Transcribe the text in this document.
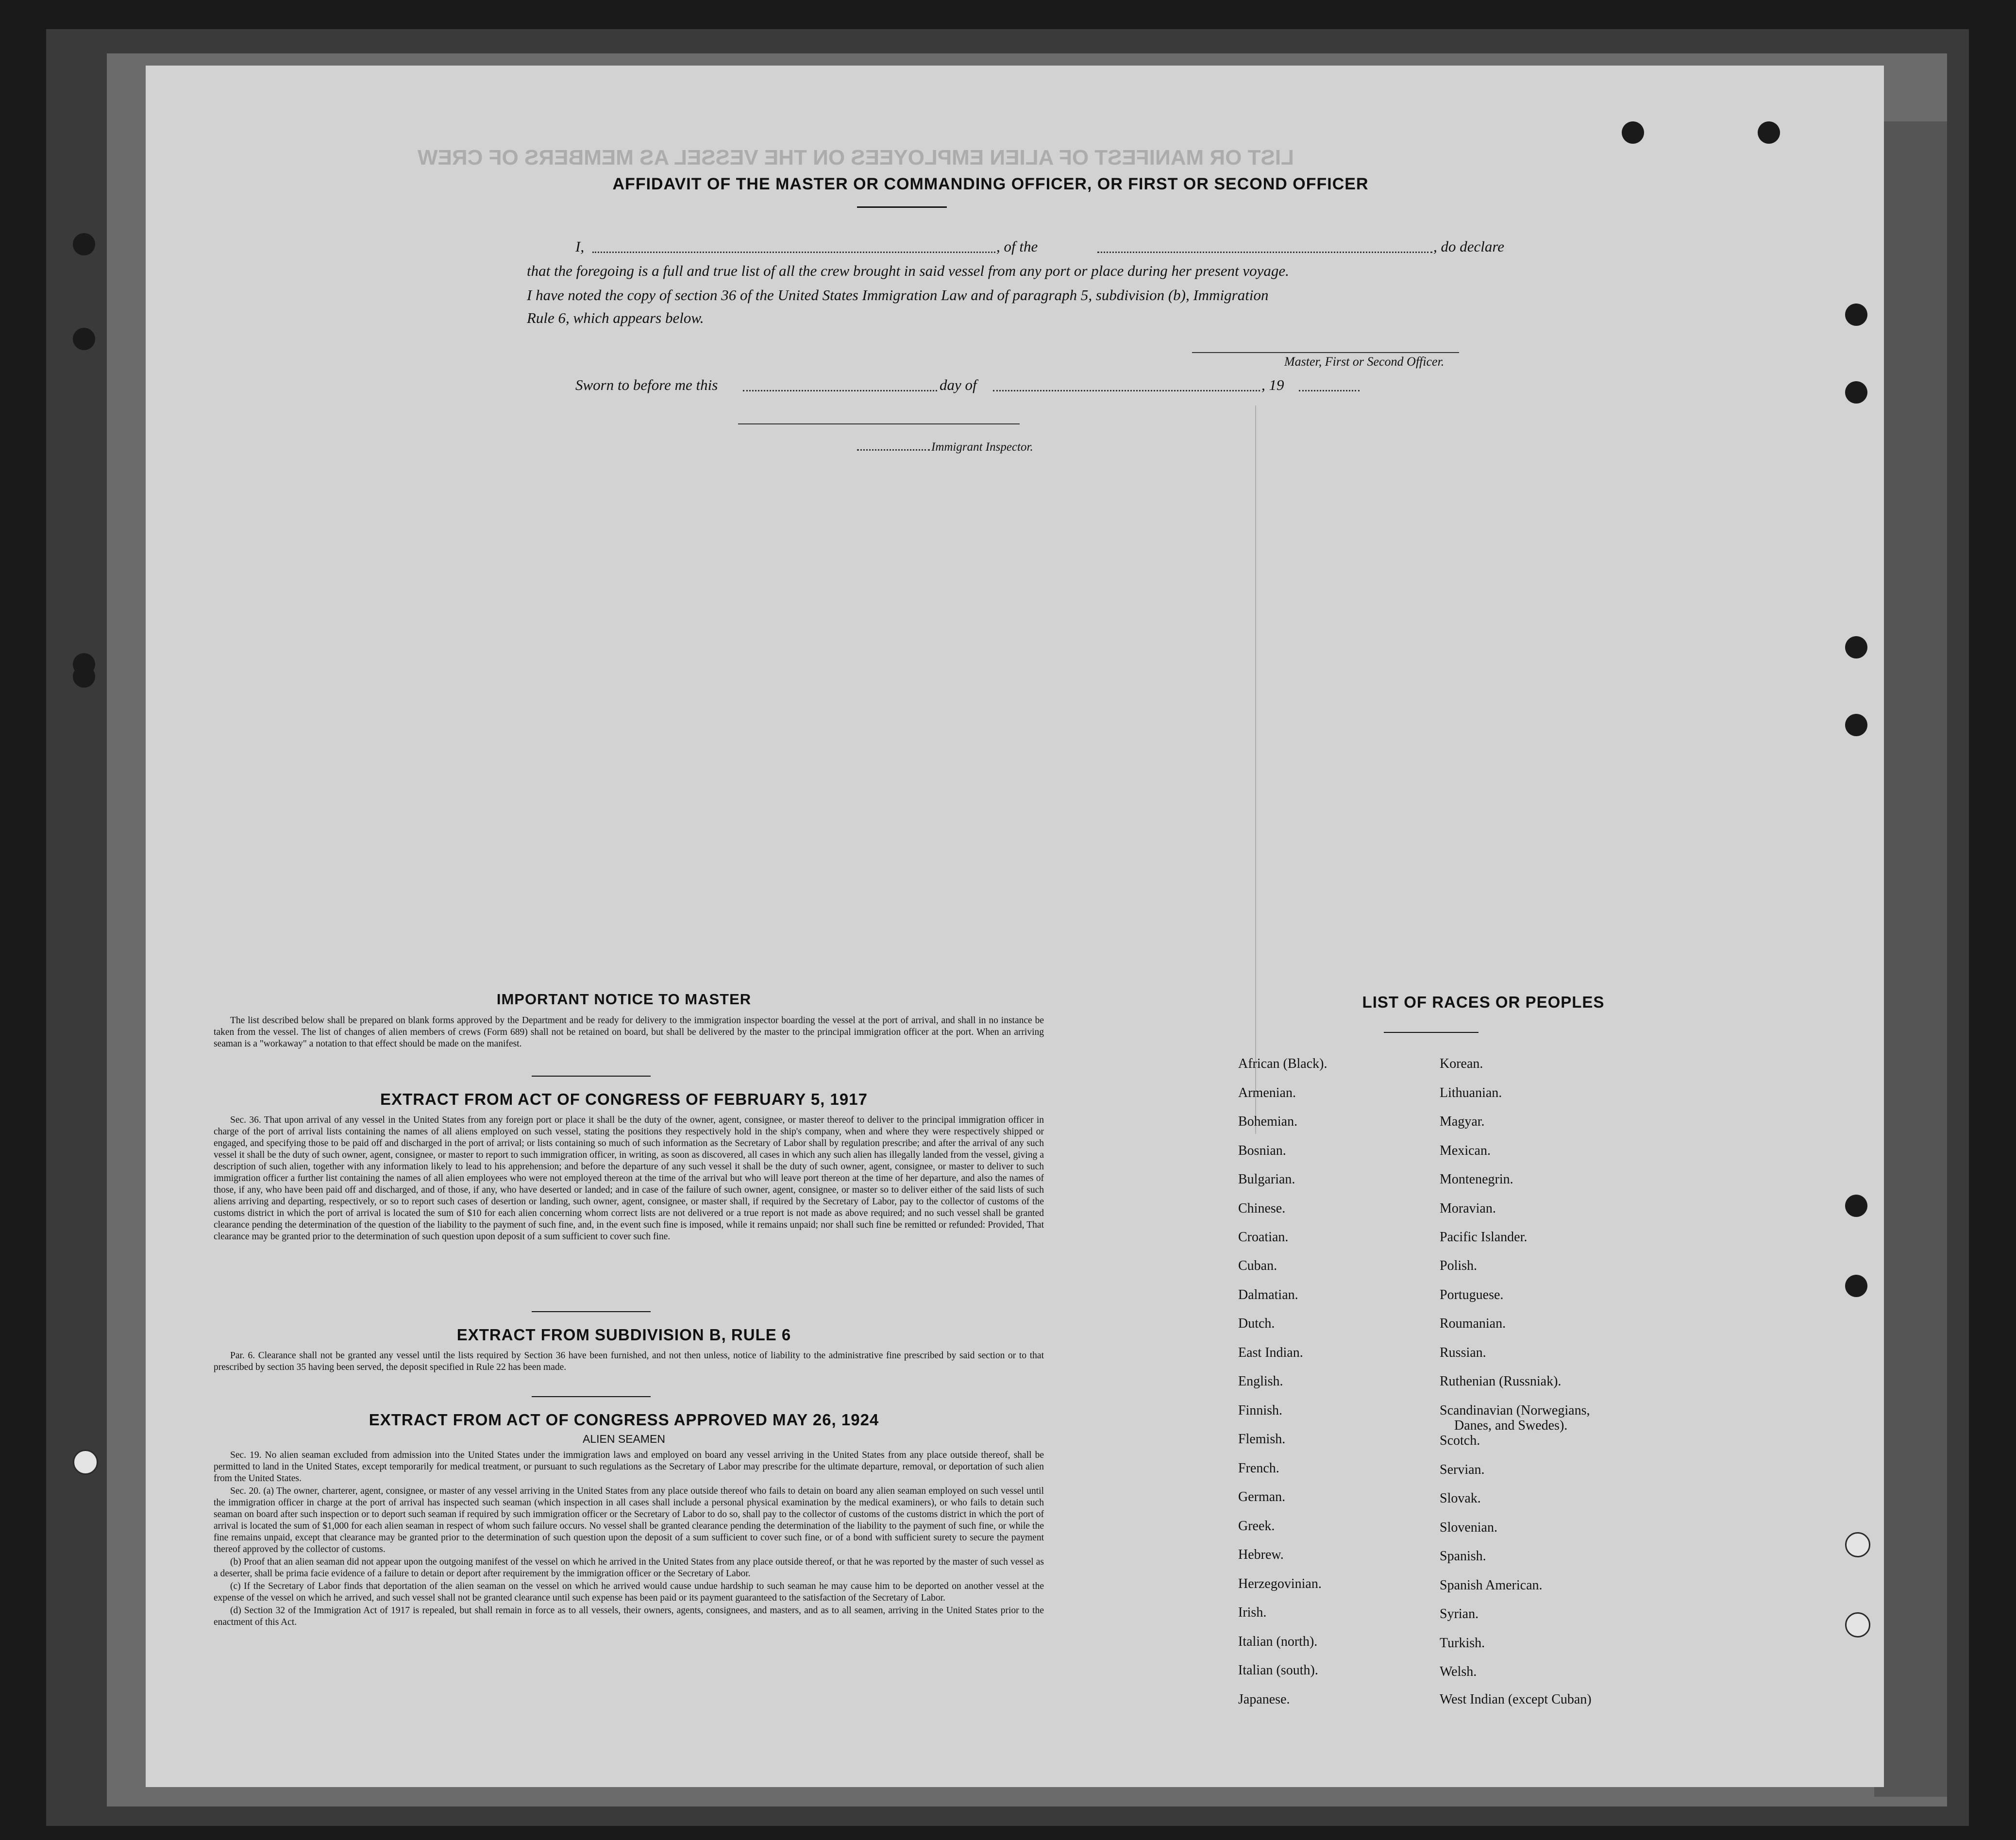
LIST OR MANIFEST OF ALIEN EMPLOYEES ON THE VESSEL AS MEMBERS OF CREW
AFFIDAVIT OF THE MASTER OR COMMANDING OFFICER, OR FIRST OR SECOND OFFICER
I,	, of the	, do declare
that the foregoing is a full and true list of all the crew brought in said vessel from any port or place during her present voyage.
I have noted the copy of section 36 of the United States Immigration Law and of paragraph 5, subdivision (b), Immigration
Rule 6, which appears below.
Master, First or Second Officer.
Sworn to before me this	day of	, 19
Immigrant Inspector.
IMPORTANT NOTICE TO MASTER

The list described below shall be prepared on blank forms approved by the Department and be ready for delivery to the immigration inspector boarding the vessel at the port of arrival, and shall in no instance be taken from the vessel. The list of changes of alien members of crews (Form 689) shall not be retained on board, but shall be delivered by the master to the principal immigration officer at the port. When an arriving seaman is a "workaway" a notation to that effect should be made on the manifest.

EXTRACT FROM ACT OF CONGRESS OF FEBRUARY 5, 1917

Sec. 36. That upon arrival of any vessel in the United States from any foreign port or place it shall be the duty of the owner, agent, consignee, or master thereof to deliver to the principal immigration officer in charge of the port of arrival lists containing the names of all aliens employed on such vessel, stating the positions they respectively hold in the ship's company, when and where they were respectively shipped or engaged, and specifying those to be paid off and discharged in the port of arrival; or lists containing so much of such information as the Secretary of Labor shall by regulation prescribe; and after the arrival of any such vessel it shall be the duty of such owner, agent, consignee, or master to report to such immigration officer, in writing, as soon as discovered, all cases in which any such alien has illegally landed from the vessel, giving a description of such alien, together with any information likely to lead to his apprehension; and before the departure of any such vessel it shall be the duty of such owner, agent, consignee, or master to deliver to such immigration officer a further list containing the names of all alien employees who were not employed thereon at the time of the arrival but who will leave port thereon at the time of her departure, and also the names of those, if any, who have been paid off and discharged, and of those, if any, who have deserted or landed; and in case of the failure of such owner, agent, consignee, or master so to deliver either of the said lists of such aliens arriving and departing, respectively, or so to report such cases of desertion or landing, such owner, agent, consignee, or master shall, if required by the Secretary of Labor, pay to the collector of customs of the customs district in which the port of arrival is located the sum of $10 for each alien concerning whom correct lists are not delivered or a true report is not made as above required; and no such vessel shall be granted clearance pending the determination of the question of the liability to the payment of such fine, and, in the event such fine is imposed, while it remains unpaid; nor shall such fine be remitted or refunded: Provided, That clearance may be granted prior to the determination of such question upon deposit of a sum sufficient to cover such fine.

EXTRACT FROM SUBDIVISION B, RULE 6

Par. 6. Clearance shall not be granted any vessel until the lists required by Section 36 have been furnished, and not then unless, notice of liability to the administrative fine prescribed by said section or to that prescribed by section 35 having been served, the deposit specified in Rule 22 has been made.

EXTRACT FROM ACT OF CONGRESS APPROVED MAY 26, 1924
ALIEN SEAMEN

Sec. 19. No alien seaman excluded from admission into the United States under the immigration laws and employed on board any vessel arriving in the United States from any place outside thereof, shall be permitted to land in the United States, except temporarily for medical treatment, or pursuant to such regulations as the Secretary of Labor may prescribe for the ultimate departure, removal, or deportation of such alien from the United States.

Sec. 20. (a) The owner, charterer, agent, consignee, or master of any vessel arriving in the United States from any place outside thereof who fails to detain on board any alien seaman employed on such vessel until the immigration officer in charge at the port of arrival has inspected such seaman (which inspection in all cases shall include a personal physical examination by the medical examiners), or who fails to detain such seaman on board after such inspection or to deport such seaman if required by such immigration officer or the Secretary of Labor to do so, shall pay to the collector of customs of the customs district in which the port of arrival is located the sum of $1,000 for each alien seaman in respect of whom such failure occurs. No vessel shall be granted clearance pending the determination of the liability to the payment of such fine, or while the fine remains unpaid, except that clearance may be granted prior to the determination of such question upon the deposit of a sum sufficient to cover such fine, or of a bond with sufficient surety to secure the payment thereof approved by the collector of customs.

(b) Proof that an alien seaman did not appear upon the outgoing manifest of the vessel on which he arrived in the United States from any place outside thereof, or that he was reported by the master of such vessel as a deserter, shall be prima facie evidence of a failure to detain or deport after requirement by the immigration officer or the Secretary of Labor.

(c) If the Secretary of Labor finds that deportation of the alien seaman on the vessel on which he arrived would cause undue hardship to such seaman he may cause him to be deported on another vessel at the expense of the vessel on which he arrived, and such vessel shall not be granted clearance until such expense has been paid or its payment guaranteed to the satisfaction of the Secretary of Labor.

(d) Section 32 of the Immigration Act of 1917 is repealed, but shall remain in force as to all vessels, their owners, agents, consignees, and masters, and as to all seamen, arriving in the United States prior to the enactment of this Act.

LIST OF RACES OR PEOPLES
African (Black).
Armenian.
Bohemian.
Bosnian.
Bulgarian.
Chinese.
Croatian.
Cuban.
Dalmatian.
Dutch.
East Indian.
English.
Finnish.
Flemish.
French.
German.
Greek.
Hebrew.
Herzegovinian.
Irish.
Italian (north).
Italian (south).
Japanese.
Korean.
Lithuanian.
Magyar.
Mexican.
Montenegrin.
Moravian.
Pacific Islander.
Polish.
Portuguese.
Roumanian.
Russian.
Ruthenian (Russniak).
Scandinavian (Norwegians,
Danes, and Swedes).
Scotch.
Servian.
Slovak.
Slovenian.
Spanish.
Spanish American.
Syrian.
Turkish.
Welsh.
West Indian (except Cuban)
